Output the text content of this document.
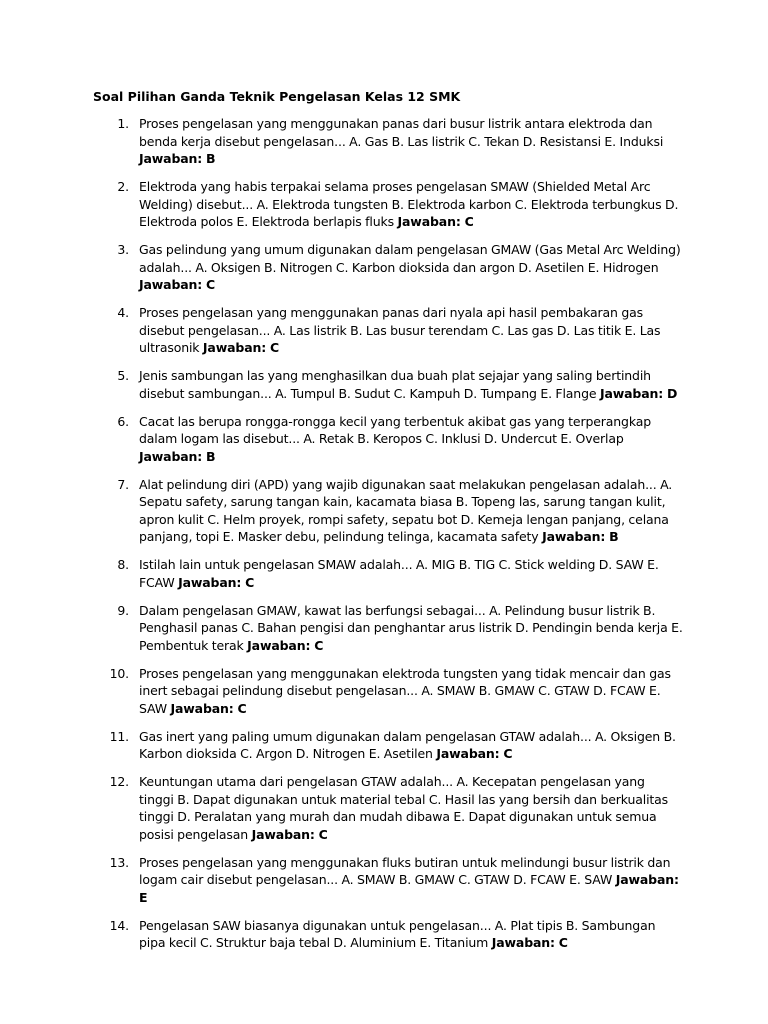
Soal Pilihan Ganda Teknik Pengelasan Kelas 12 SMK
1. Proses pengelasan yang menggunakan panas dari busur listrik antara elektroda dan benda kerja disebut pengelasan... A. Gas B. Las listrik C. Tekan D. Resistansi E. Induksi Jawaban: B
2. Elektroda yang habis terpakai selama proses pengelasan SMAW (Shielded Metal Arc Welding) disebut... A. Elektroda tungsten B. Elektroda karbon C. Elektroda terbungkus D. Elektroda polos E. Elektroda berlapis fluks Jawaban: C
3. Gas pelindung yang umum digunakan dalam pengelasan GMAW (Gas Metal Arc Welding) adalah... A. Oksigen B. Nitrogen C. Karbon dioksida dan argon D. Asetilen E. Hidrogen Jawaban: C
4. Proses pengelasan yang menggunakan panas dari nyala api hasil pembakaran gas disebut pengelasan... A. Las listrik B. Las busur terendam C. Las gas D. Las titik E. Las ultrasonik Jawaban: C
5. Jenis sambungan las yang menghasilkan dua buah plat sejajar yang saling bertindih disebut sambungan... A. Tumpul B. Sudut C. Kampuh D. Tumpang E. Flange Jawaban: D
6. Cacat las berupa rongga-rongga kecil yang terbentuk akibat gas yang terperangkap dalam logam las disebut... A. Retak B. Keropos C. Inklusi D. Undercut E. Overlap Jawaban: B
7. Alat pelindung diri (APD) yang wajib digunakan saat melakukan pengelasan adalah... A. Sepatu safety, sarung tangan kain, kacamata biasa B. Topeng las, sarung tangan kulit, apron kulit C. Helm proyek, rompi safety, sepatu bot D. Kemeja lengan panjang, celana panjang, topi E. Masker debu, pelindung telinga, kacamata safety Jawaban: B
8. Istilah lain untuk pengelasan SMAW adalah... A. MIG B. TIG C. Stick welding D. SAW E. FCAW Jawaban: C
9. Dalam pengelasan GMAW, kawat las berfungsi sebagai... A. Pelindung busur listrik B. Penghasil panas C. Bahan pengisi dan penghantar arus listrik D. Pendingin benda kerja E. Pembentuk terak Jawaban: C
10. Proses pengelasan yang menggunakan elektroda tungsten yang tidak mencair dan gas inert sebagai pelindung disebut pengelasan... A. SMAW B. GMAW C. GTAW D. FCAW E. SAW Jawaban: C
11. Gas inert yang paling umum digunakan dalam pengelasan GTAW adalah... A. Oksigen B. Karbon dioksida C. Argon D. Nitrogen E. Asetilen Jawaban: C
12. Keuntungan utama dari pengelasan GTAW adalah... A. Kecepatan pengelasan yang tinggi B. Dapat digunakan untuk material tebal C. Hasil las yang bersih dan berkualitas tinggi D. Peralatan yang murah dan mudah dibawa E. Dapat digunakan untuk semua posisi pengelasan Jawaban: C
13. Proses pengelasan yang menggunakan fluks butiran untuk melindungi busur listrik dan logam cair disebut pengelasan... A. SMAW B. GMAW C. GTAW D. FCAW E. SAW Jawaban: E
14. Pengelasan SAW biasanya digunakan untuk pengelasan... A. Plat tipis B. Sambungan pipa kecil C. Struktur baja tebal D. Aluminium E. Titanium Jawaban: C
